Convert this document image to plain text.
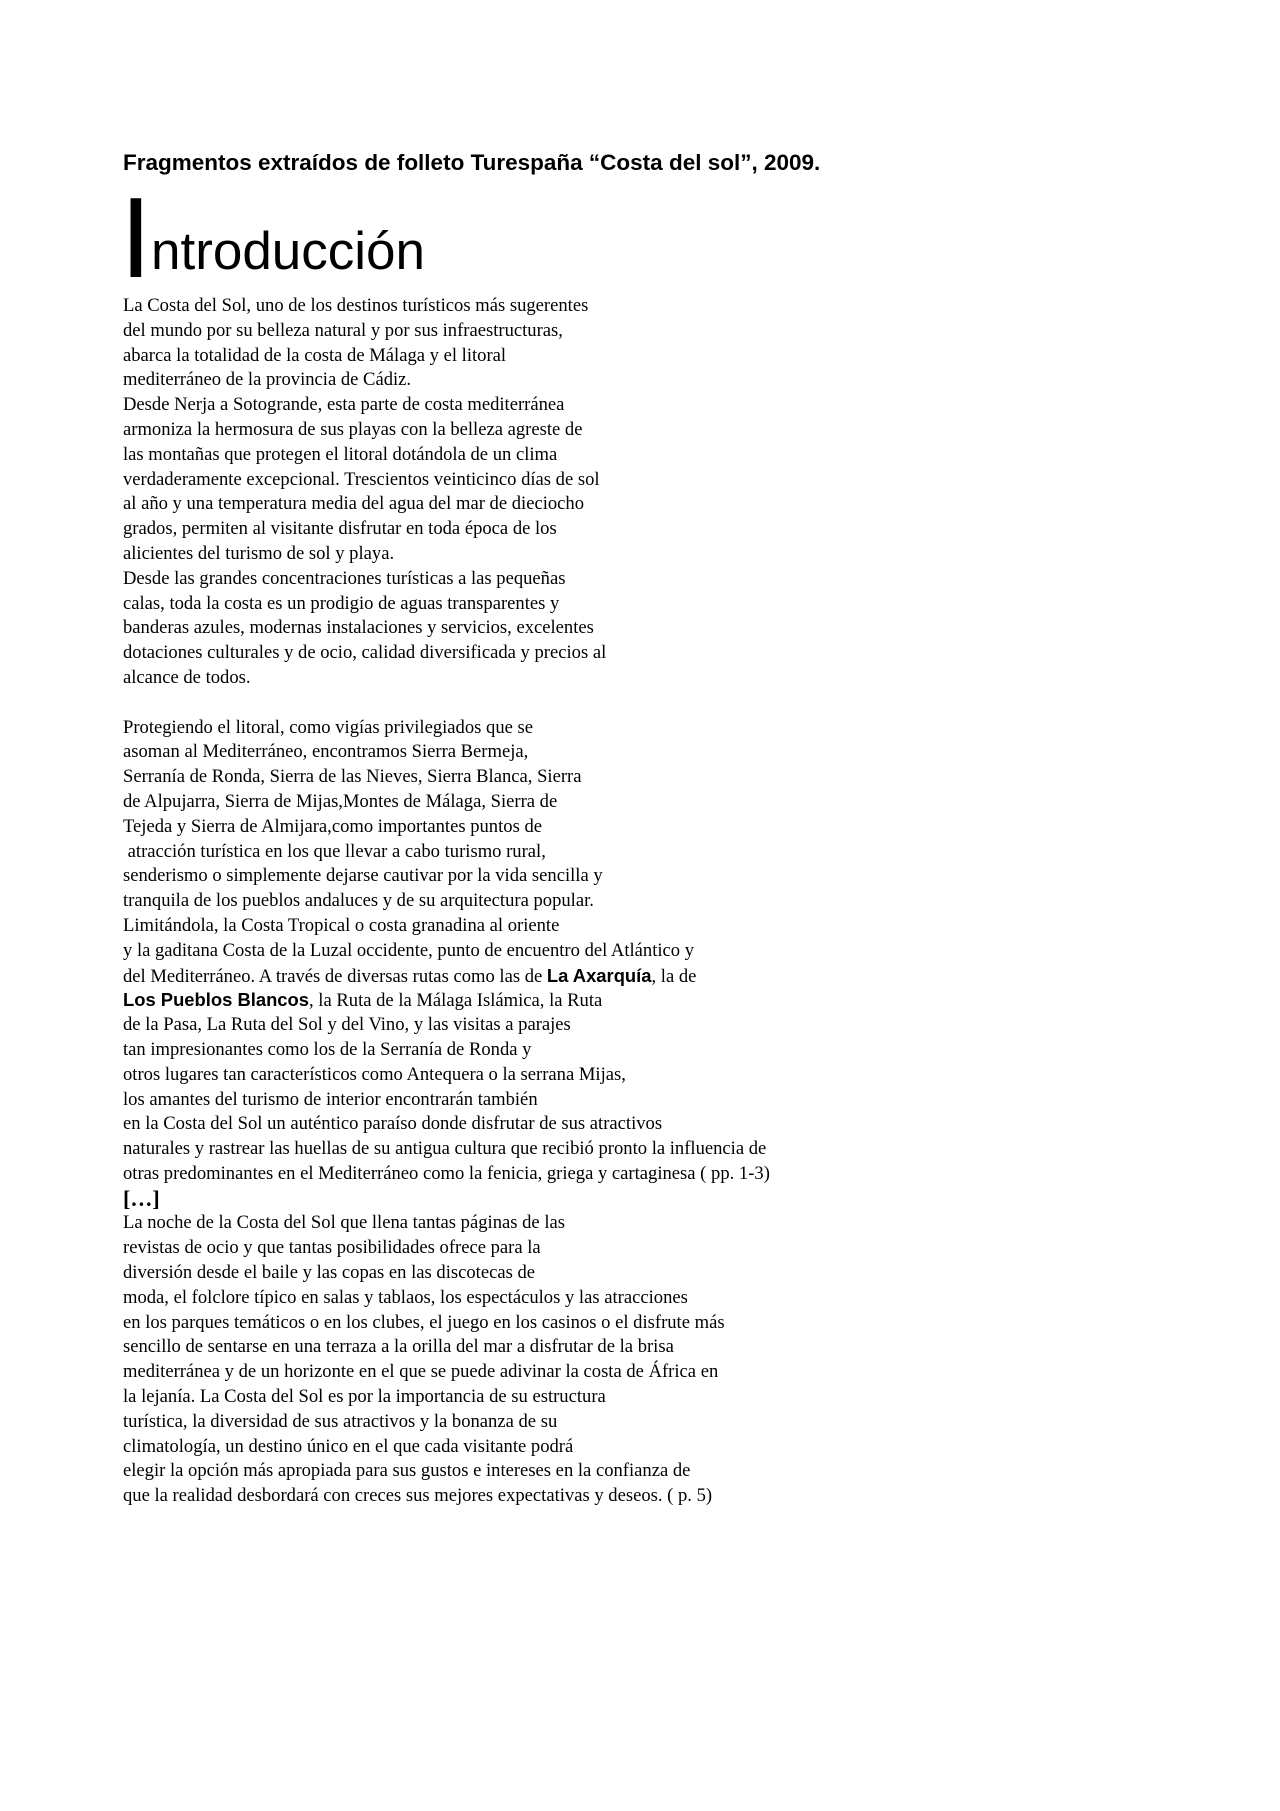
Fragmentos extraídos de folleto Turespaña “Costa del sol”, 2009.
I ntroducción
La Costa del Sol, uno de los destinos turísticos más sugerentes
del mundo por su belleza natural y por sus infraestructuras,
abarca la totalidad de la costa de Málaga y el litoral
mediterráneo de la provincia de Cádiz.
Desde Nerja a Sotogrande, esta parte de costa mediterránea
armoniza la hermosura de sus playas con la belleza agreste de
las montañas que protegen el litoral dotándola de un clima
verdaderamente excepcional. Trescientos veinticinco días de sol
al año y una temperatura media del agua del mar de dieciocho
grados, permiten al visitante disfrutar en toda época de los
alicientes del turismo de sol y playa.
Desde las grandes concentraciones turísticas a las pequeñas
calas, toda la costa es un prodigio de aguas transparentes y
banderas azules, modernas instalaciones y servicios, excelentes
dotaciones culturales y de ocio, calidad diversificada y precios al
alcance de todos.
Protegiendo el litoral, como vigías privilegiados que se
asoman al Mediterráneo, encontramos Sierra Bermeja,
Serranía de Ronda, Sierra de las Nieves, Sierra Blanca, Sierra
de Alpujarra, Sierra de Mijas,Montes de Málaga, Sierra de
Tejeda y Sierra de Almijara,como importantes puntos de
atracción turística en los que llevar a cabo turismo rural,
senderismo o simplemente dejarse cautivar por la vida sencilla y
tranquila de los pueblos andaluces y de su arquitectura popular.
Limitándola, la Costa Tropical o costa granadina al oriente
y la gaditana Costa de la Luzal occidente, punto de encuentro del Atlántico y
del Mediterráneo. A través de diversas rutas como las de La Axarquía, la de
Los Pueblos Blancos, la Ruta de la Málaga Islámica, la Ruta
de la Pasa, La Ruta del Sol y del Vino, y las visitas a parajes
tan impresionantes como los de la Serranía de Ronda y
otros lugares tan característicos como Antequera o la serrana Mijas,
los amantes del turismo de interior encontrarán también
en la Costa del Sol un auténtico paraíso donde disfrutar de sus atractivos
naturales y rastrear las huellas de su antigua cultura que recibió pronto la influencia de
otras predominantes en el Mediterráneo como la fenicia, griega y cartaginesa ( pp. 1-3)
[…]
La noche de la Costa del Sol que llena tantas páginas de las
revistas de ocio y que tantas posibilidades ofrece para la
diversión desde el baile y las copas en las discotecas de
moda, el folclore típico en salas y tablaos, los espectáculos y las atracciones
en los parques temáticos o en los clubes, el juego en los casinos o el disfrute más
sencillo de sentarse en una terraza a la orilla del mar a disfrutar de la brisa
mediterránea y de un horizonte en el que se puede adivinar la costa de África en
la lejanía. La Costa del Sol es por la importancia de su estructura
turística, la diversidad de sus atractivos y la bonanza de su
climatología, un destino único en el que cada visitante podrá
elegir la opción más apropiada para sus gustos e intereses en la confianza de
que la realidad desbordará con creces sus mejores expectativas y deseos. ( p. 5)
